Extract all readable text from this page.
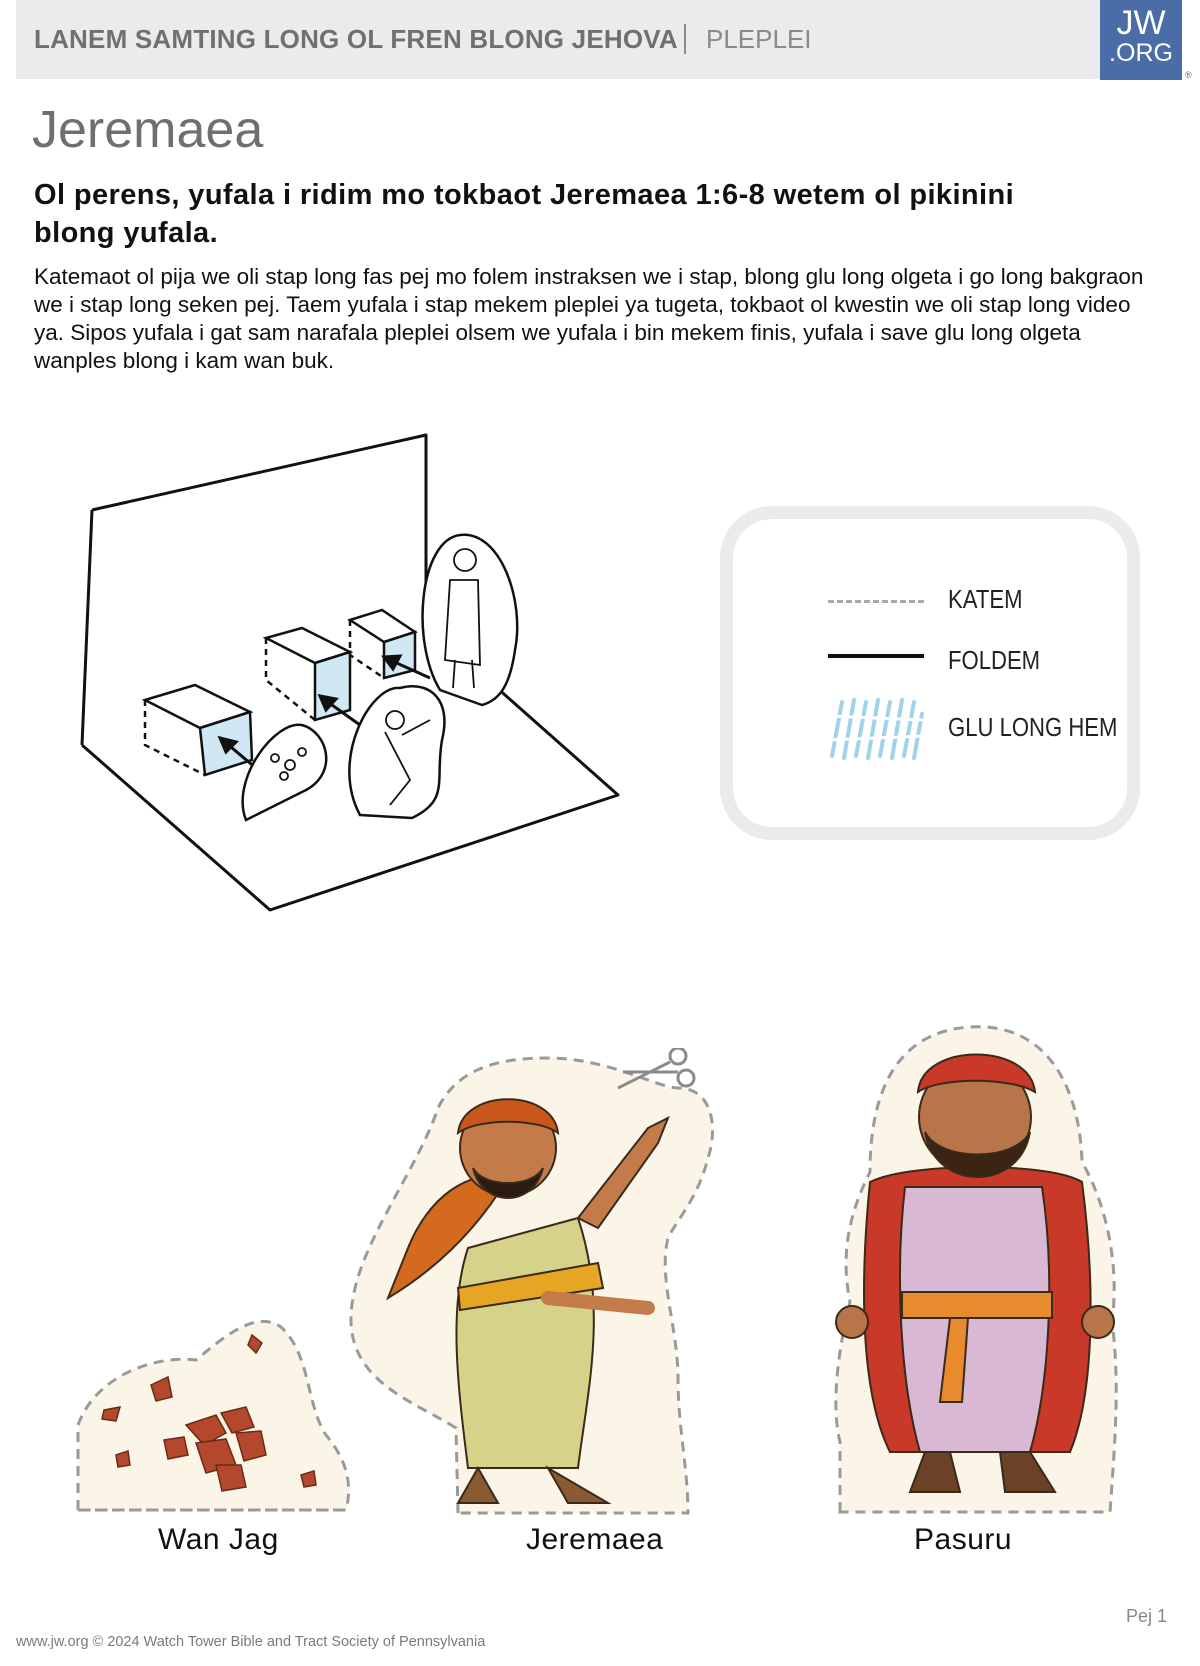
LANEM SAMTING LONG OL FREN BLONG JEHOVA PLEPLEI	JW
.ORG
®
Jeremaea
Ol perens, yufala i ridim mo tokbaot Jeremaea 1:6-8 wetem ol pikinini blong yufala.
Katemaot ol pija we oli stap long fas pej mo folem instraksen we i stap, blong glu long olgeta i go long bakgraon we i stap long seken pej. Taem yufala i stap mekem pleplei ya tugeta, tokbaot ol kwestin we oli stap long video ya. Sipos yufala i gat sam narafala pleplei olsem we yufala i bin mekem finis, yufala i save glu long olgeta wanples blong i kam wan buk.
KATEM
FOLDEM
GLU LONG HEM
Wan Jag	Jeremaea	Pasuru
Pej 1
www.jw.org © 2024 Watch Tower Bible and Tract Society of Pennsylvania
